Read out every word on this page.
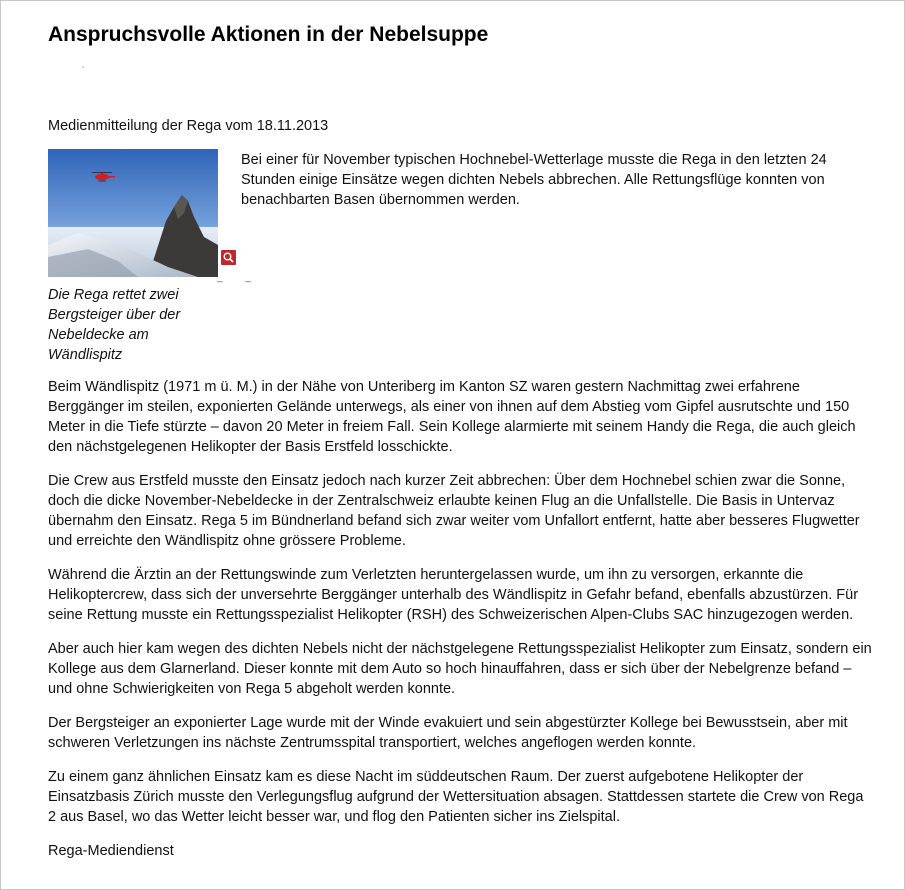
Anspruchsvolle Aktionen in der Nebelsuppe

Medienmitteilung der Rega vom 18.11.2013

_ _

Die Rega rettet zwei Bergsteiger über der Nebeldecke am Wändlispitz

Bei einer für November typischen Hochnebel-Wetterlage musste die Rega in den letzten 24 Stunden einige Einsätze wegen dichten Nebels abbrechen. Alle Rettungsflüge konnten von benachbarten Basen übernommen werden.

Beim Wändlispitz (1971 m ü. M.) in der Nähe von Unteriberg im Kanton SZ waren gestern Nachmittag zwei erfahrene Berggänger im steilen, exponierten Gelände unterwegs, als einer von ihnen auf dem Abstieg vom Gipfel ausrutschte und 150 Meter in die Tiefe stürzte – davon 20 Meter in freiem Fall. Sein Kollege alarmierte mit seinem Handy die Rega, die auch gleich den nächstgelegenen Helikopter der Basis Erstfeld losschickte.

Die Crew aus Erstfeld musste den Einsatz jedoch nach kurzer Zeit abbrechen: Über dem Hochnebel schien zwar die Sonne, doch die dicke November-Nebeldecke in der Zentralschweiz erlaubte keinen Flug an die Unfallstelle. Die Basis in Untervaz übernahm den Einsatz. Rega 5 im Bündnerland befand sich zwar weiter vom Unfallort entfernt, hatte aber besseres Flugwetter und erreichte den Wändlispitz ohne grössere Probleme.

Während die Ärztin an der Rettungswinde zum Verletzten heruntergelassen wurde, um ihn zu versorgen, erkannte die Helikoptercrew, dass sich der unversehrte Berggänger unterhalb des Wändlispitz in Gefahr befand, ebenfalls abzustürzen. Für seine Rettung musste ein Rettungsspezialist Helikopter (RSH) des Schweizerischen Alpen-Clubs SAC hinzugezogen werden.

Aber auch hier kam wegen des dichten Nebels nicht der nächstgelegene Rettungsspezialist Helikopter zum Einsatz, sondern ein Kollege aus dem Glarnerland. Dieser konnte mit dem Auto so hoch hinauffahren, dass er sich über der Nebelgrenze befand – und ohne Schwierigkeiten von Rega 5 abgeholt werden konnte.

Der Bergsteiger an exponierter Lage wurde mit der Winde evakuiert und sein abgestürzter Kollege bei Bewusstsein, aber mit schweren Verletzungen ins nächste Zentrumsspital transportiert, welches angeflogen werden konnte.

Zu einem ganz ähnlichen Einsatz kam es diese Nacht im süddeutschen Raum. Der zuerst aufgebotene Helikopter der Einsatzbasis Zürich musste den Verlegungsflug aufgrund der Wettersituation absagen. Stattdessen startete die Crew von Rega 2 aus Basel, wo das Wetter leicht besser war, und flog den Patienten sicher ins Zielspital.

Rega-Mediendienst
